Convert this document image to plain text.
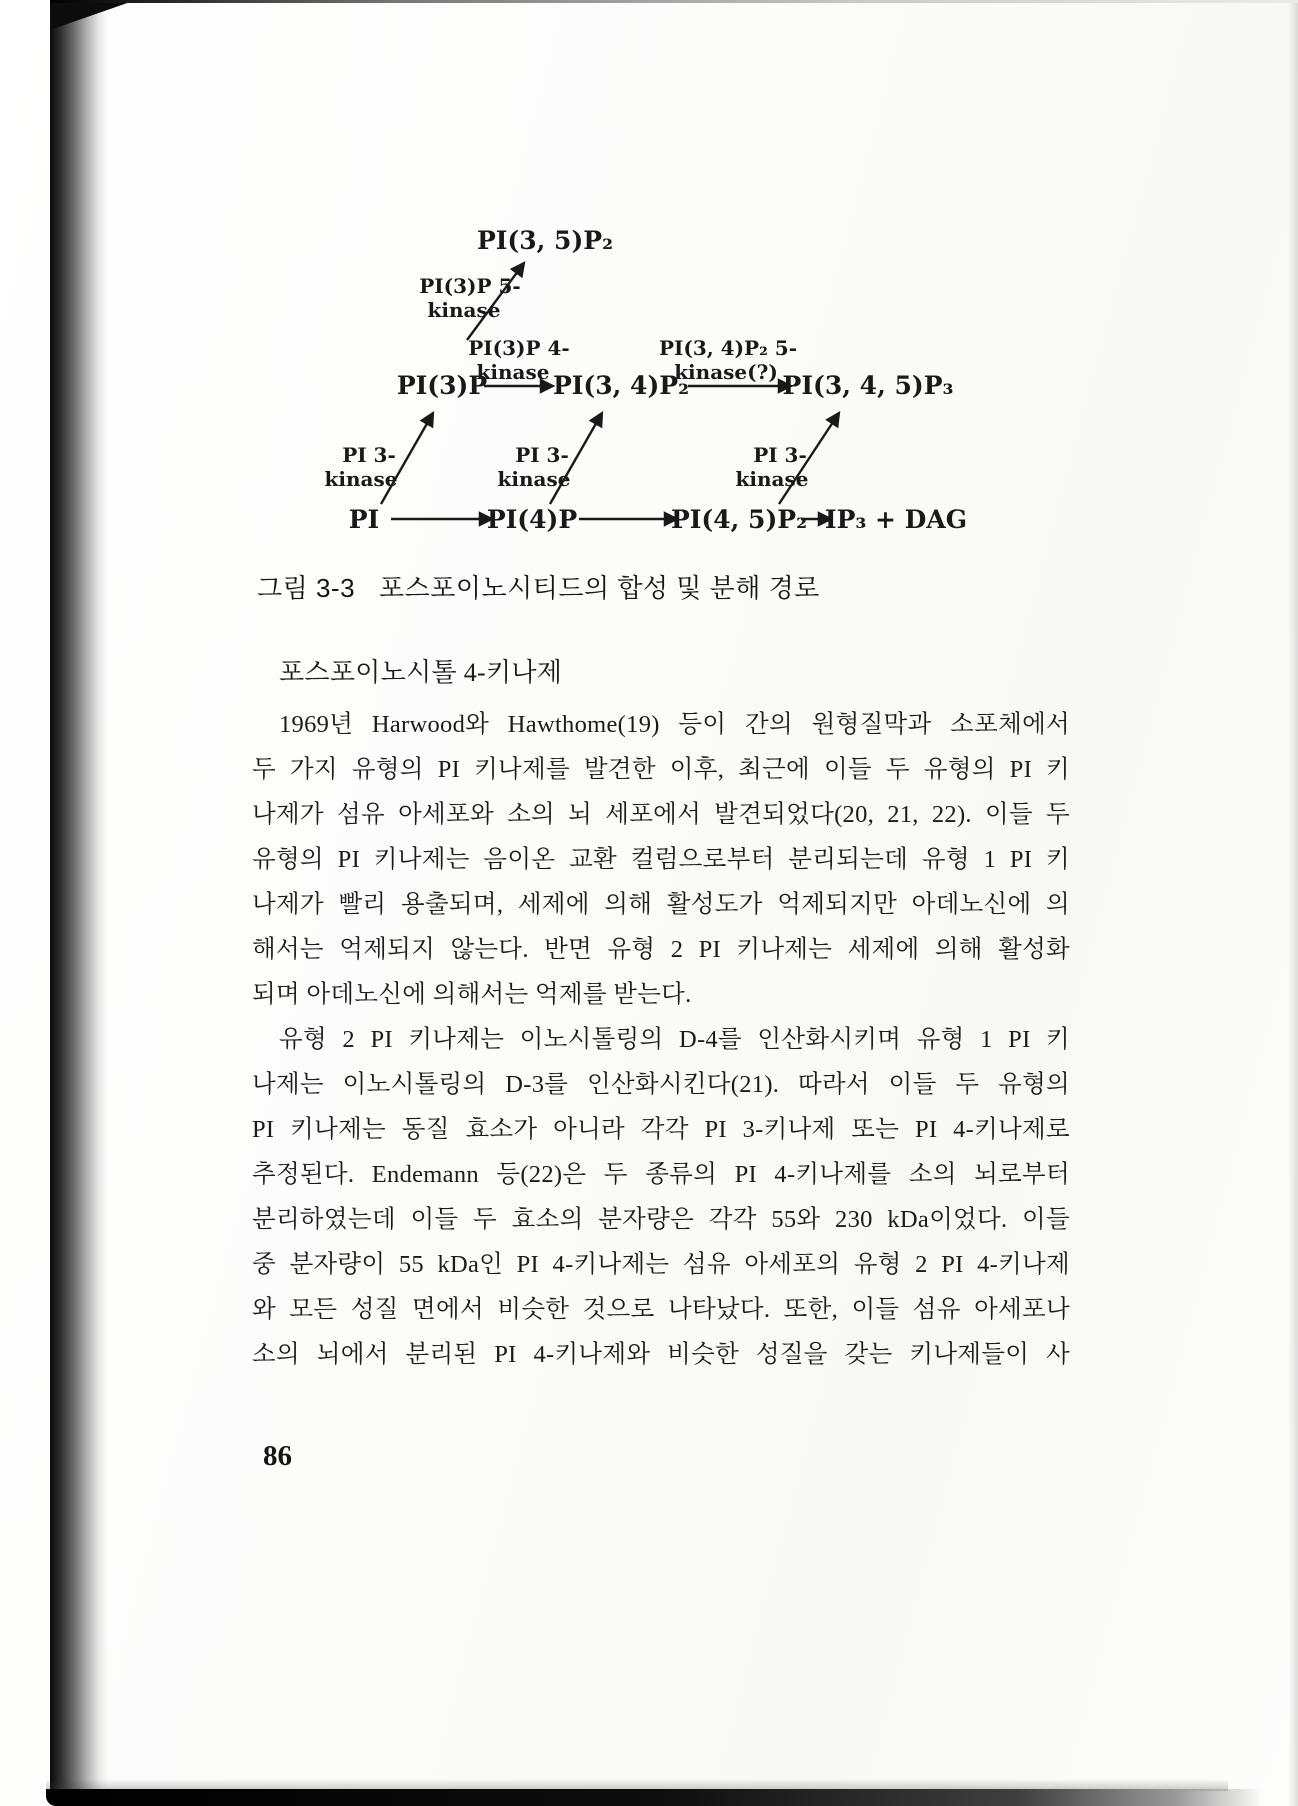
PI(3, 5)P₂
PI(3)P	PI(3, 4)P₂	PI(3, 4, 5)P₃
PI	PI(4)P	PI(4, 5)P₂ IP₃ + DAG
PI(3)P 5-
kinase
PI(3)P 4-
kinase
PI(3, 4)P₂ 5-
kinase(?)
PI 3-
kinase
PI 3-
kinase
PI 3-
kinase
그림 3-3 포스포이노시티드의 합성 및 분해 경로
포스포이노시톨 4-키나제
1969년 Harwood와 Hawthome(19) 등이 간의 원형질막과 소포체에서
두 가지 유형의 PI 키나제를 발견한 이후, 최근에 이들 두 유형의 PI 키
나제가 섬유 아세포와 소의 뇌 세포에서 발견되었다(20, 21, 22). 이들 두
유형의 PI 키나제는 음이온 교환 컬럼으로부터 분리되는데 유형 1 PI 키
나제가 빨리 용출되며, 세제에 의해 활성도가 억제되지만 아데노신에 의
해서는 억제되지 않는다. 반면 유형 2 PI 키나제는 세제에 의해 활성화
되며 아데노신에 의해서는 억제를 받는다.
유형 2 PI 키나제는 이노시톨링의 D-4를 인산화시키며 유형 1 PI 키
나제는 이노시톨링의 D-3를 인산화시킨다(21). 따라서 이들 두 유형의
PI 키나제는 동질 효소가 아니라 각각 PI 3-키나제 또는 PI 4-키나제로
추정된다. Endemann 등(22)은 두 종류의 PI 4-키나제를 소의 뇌로부터
분리하였는데 이들 두 효소의 분자량은 각각 55와 230 kDa이었다. 이들
중 분자량이 55 kDa인 PI 4-키나제는 섬유 아세포의 유형 2 PI 4-키나제
와 모든 성질 면에서 비슷한 것으로 나타났다. 또한, 이들 섬유 아세포나
소의 뇌에서 분리된 PI 4-키나제와 비슷한 성질을 갖는 키나제들이 사
86
